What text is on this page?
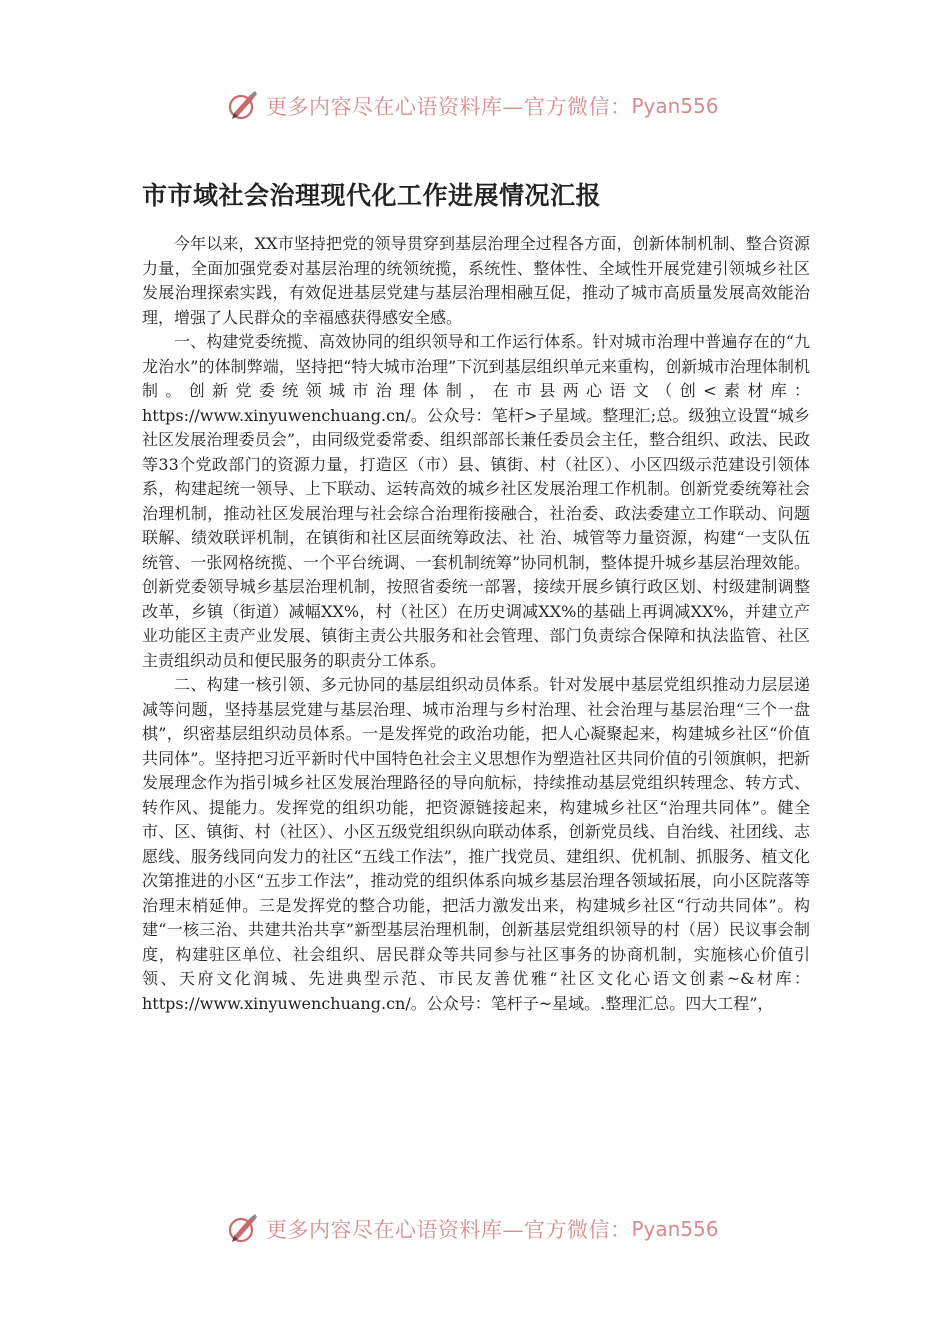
更多内容尽在心语资料库—官方微信： Pyan556
市市域社会治理现代化工作进展情况汇报

今年以来，XX市坚持把党的领导贯穿到基层治理全过程各方面，创新体制机制、整合资源力量，全面加强党委对基层治理的统领统揽，系统性、整体性、全域性开展党建引领城乡社区发展治理探索实践，有效促进基层党建与基层治理相融互促，推动了城市高质量发展高效能治理，增强了人民群众的幸福感获得感安全感。

一、构建党委统揽、高效协同的组织领导和工作运行体系。针对城市治理中普遍存在的“九龙治水”的体制弊端，坚持把“特大城市治理”下沉到基层组织单元来重构，创新城市治理体制机制。创新党委统领城市治理体制，在市县两心语文（创<素材库：https://www.xinyuwenchuang.cn/。公众号：笔杆>子星域。整理汇;总。级独立设置“城乡社区发展治理委员会”，由同级党委常委、组织部部长兼任委员会主任，整合组织、政法、民政等33个党政部门的资源力量，打造区（市）县、镇街、村（社区）、小区四级示范建设引领体系，构建起统一领导、上下联动、运转高效的城乡社区发展治理工作机制。创新党委统筹社会治理机制，推动社区发展治理与社会综合治理衔接融合，社治委、政法委建立工作联动、问题联解、绩效联评机制，在镇街和社区层面统筹政法、社 治、城管等力量资源，构建“一支队伍统管、一张网格统揽、一个平台统调、一套机制统筹”协同机制，整体提升城乡基层治理效能。创新党委领导城乡基层治理机制，按照省委统一部署，接续开展乡镇行政区划、村级建制调整改革，乡镇（街道）减幅XX%，村（社区）在历史调减XX%的基础上再调减XX%，并建立产业功能区主责产业发展、镇街主责公共服务和社会管理、部门负责综合保障和执法监管、社区主责组织动员和便民服务的职责分工体系。

二、构建一核引领、多元协同的基层组织动员体系。针对发展中基层党组织推动力层层递减等问题，坚持基层党建与基层治理、城市治理与乡村治理、社会治理与基层治理“三个一盘棋”，织密基层组织动员体系。一是发挥党的政治功能，把人心凝聚起来，构建城乡社区“价值共同体”。坚持把习近平新时代中国特色社会主义思想作为塑造社区共同价值的引领旗帜，把新发展理念作为指引城乡社区发展治理路径的导向航标，持续推动基层党组织转理念、转方式、转作风、提能力。发挥党的组织功能，把资源链接起来，构建城乡社区“治理共同体”。健全市、区、镇街、村（社区）、小区五级党组织纵向联动体系，创新党员线、自治线、社团线、志愿线、服务线同向发力的社区“五线工作法”，推广找党员、建组织、优机制、抓服务、植文化次第推进的小区“五步工作法”，推动党的组织体系向城乡基层治理各领域拓展，向小区院落等治理末梢延伸。三是发挥党的整合功能，把活力激发出来，构建城乡社区“行动共同体”。构建“一核三治、共建共治共享”新型基层治理机制，创新基层党组织领导的村（居）民议事会制度，构建驻区单位、社会组织、居民群众等共同参与社区事务的协商机制，实施核心价值引领、天府文化润城、先进典型示范、市民友善优雅“社区文化心语文创素~&材库：https://www.xinyuwenchuang.cn/。公众号：笔杆子~星域。.整理汇总。四大工程”，

更多内容尽在心语资料库—官方微信： Pyan556
